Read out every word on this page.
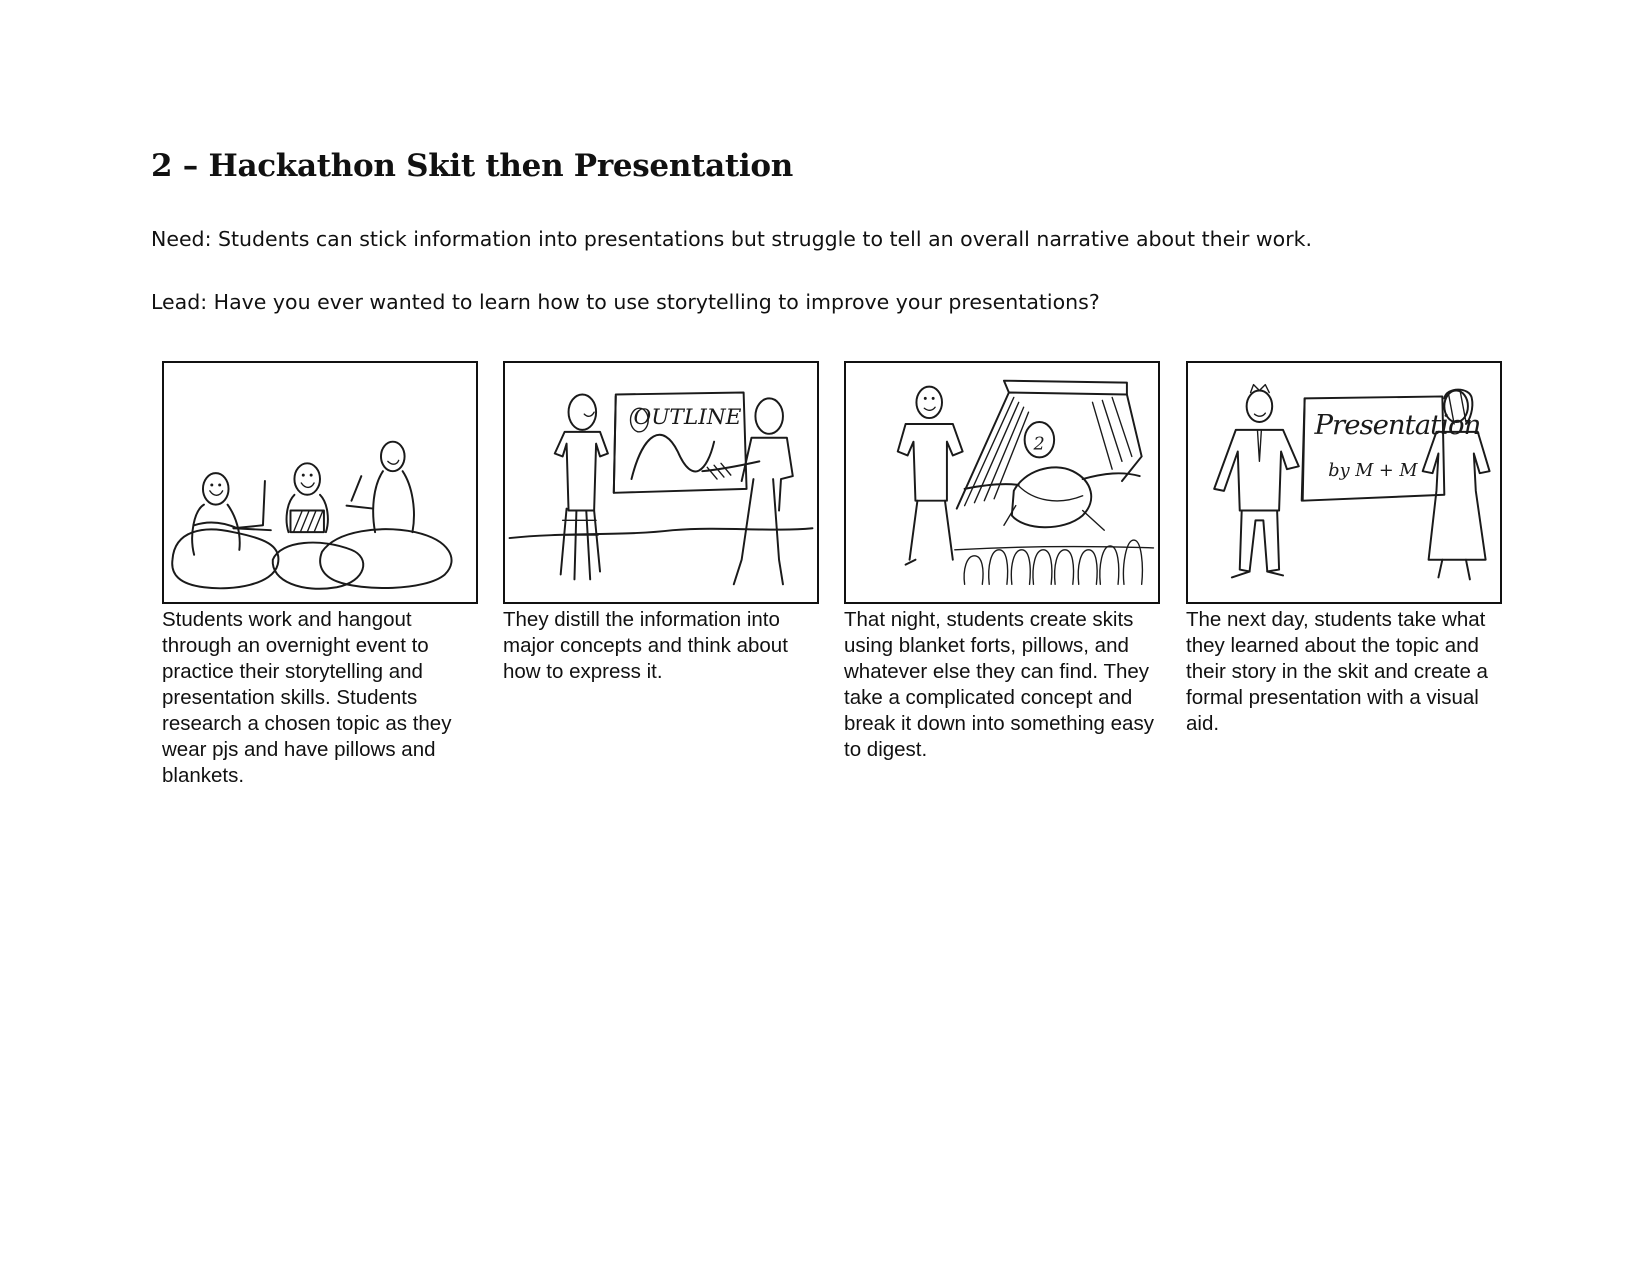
2 – Hackathon Skit then Presentation

Need: Students can stick information into presentations but struggle to tell an overall narrative about their work.

Lead: Have you ever wanted to learn how to use storytelling to improve your presentations?

OUTLINE
2
Presentation
by M + M

Students work and hangout through an overnight event to practice their storytelling and presentation skills. Students research a chosen topic as they wear pjs and have pillows and blankets.

They distill the information into major concepts and think about how to express it.

That night, students create skits using blanket forts, pillows, and whatever else they can find. They take a complicated concept and break it down into something easy to digest.

The next day, students take what they learned about the topic and their story in the skit and create a formal presentation with a visual aid.
